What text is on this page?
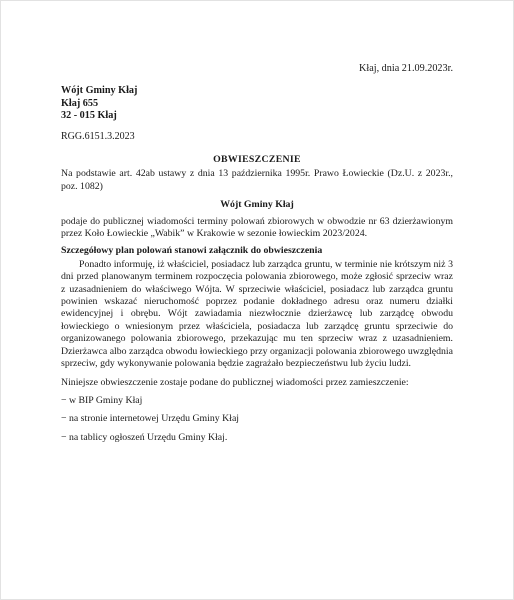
Kłaj, dnia 21.09.2023r.
Wójt Gminy Kłaj
Kłaj 655
32 - 015 Kłaj
RGG.6151.3.2023
OBWIESZCZENIE
Na podstawie art. 42ab ustawy z dnia 13 października 1995r. Prawo Łowieckie (Dz.U. z 2023r., poz. 1082)
Wójt Gminy Kłaj
podaje do publicznej wiadomości terminy polowań zbiorowych w obwodzie nr 63 dzierżawionym przez Koło Łowieckie „Wabik” w Krakowie w sezonie łowieckim 2023/2024.
Szczegółowy plan polowań stanowi załącznik do obwieszczenia
Ponadto informuję, iż właściciel, posiadacz lub zarządca gruntu, w terminie nie krótszym niż 3 dni przed planowanym terminem rozpoczęcia polowania zbiorowego, może zgłosić sprzeciw wraz z uzasadnieniem do właściwego Wójta. W sprzeciwie właściciel, posiadacz lub zarządca gruntu powinien wskazać nieruchomość poprzez podanie dokładnego adresu oraz numeru działki ewidencyjnej i obrębu. Wójt zawiadamia niezwłocznie dzierżawcę lub zarządcę obwodu łowieckiego o wniesionym przez właściciela, posiadacza lub zarządcę gruntu sprzeciwie do organizowanego polowania zbiorowego, przekazując mu ten sprzeciw wraz z uzasadnieniem. Dzierżawca albo zarządca obwodu łowieckiego przy organizacji polowania zbiorowego uwzględnia sprzeciw, gdy wykonywanie polowania będzie zagrażało bezpieczeństwu lub życiu ludzi.
Niniejsze obwieszczenie zostaje podane do publicznej wiadomości przez zamieszczenie:
− w BIP Gminy Kłaj
− na stronie internetowej Urzędu Gminy Kłaj
− na tablicy ogłoszeń Urzędu Gminy Kłaj.
